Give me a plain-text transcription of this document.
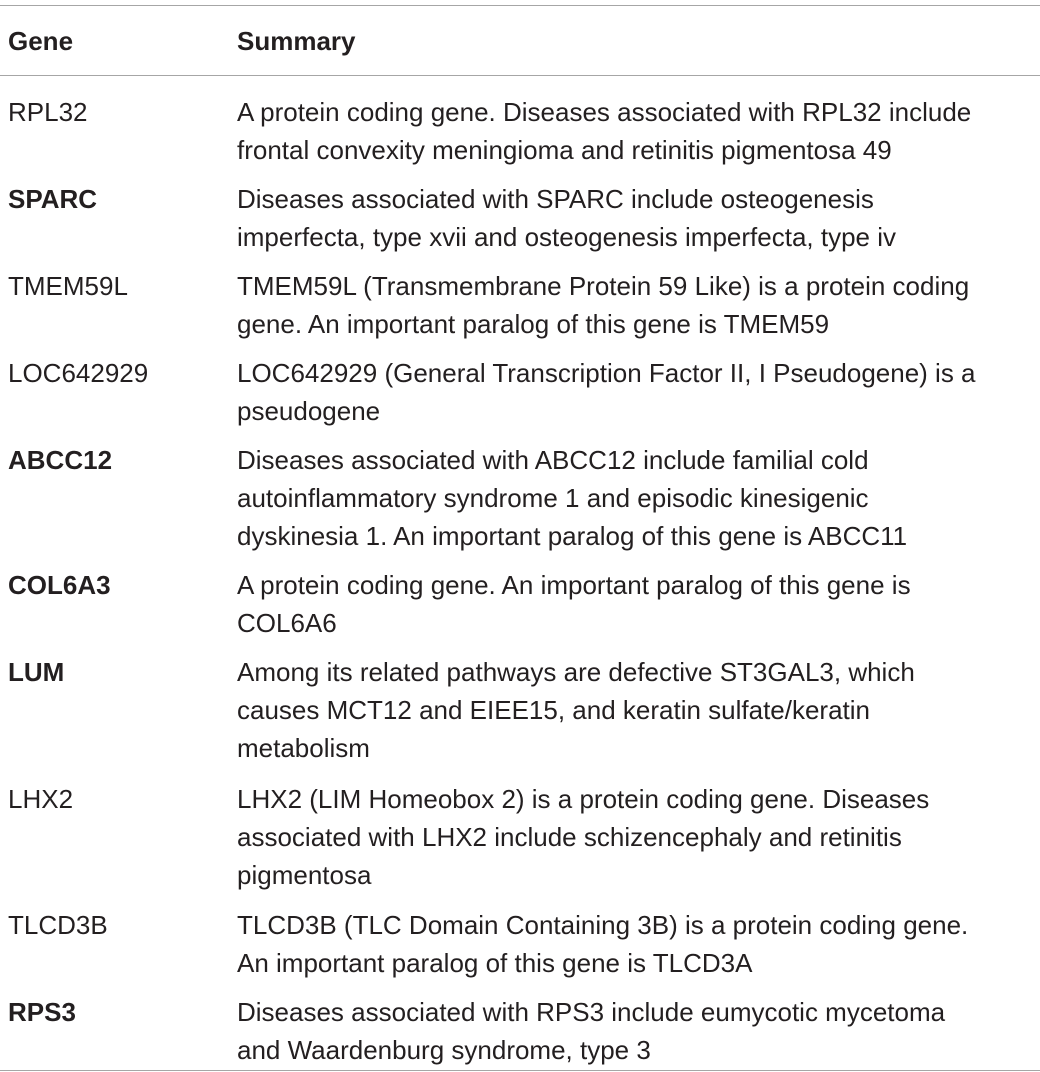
Gene	Summary
RPL32	A protein coding gene. Diseases associated with RPL32 include
frontal convexity meningioma and retinitis pigmentosa 49
SPARC	Diseases associated with SPARC include osteogenesis
imperfecta, type xvii and osteogenesis imperfecta, type iv
TMEM59L	TMEM59L (Transmembrane Protein 59 Like) is a protein coding
gene. An important paralog of this gene is TMEM59
LOC642929	LOC642929 (General Transcription Factor II, I Pseudogene) is a
pseudogene
ABCC12	Diseases associated with ABCC12 include familial cold
autoinflammatory syndrome 1 and episodic kinesigenic
dyskinesia 1. An important paralog of this gene is ABCC11
COL6A3	A protein coding gene. An important paralog of this gene is
COL6A6
LUM	Among its related pathways are defective ST3GAL3, which
causes MCT12 and EIEE15, and keratin sulfate/keratin
metabolism
LHX2	LHX2 (LIM Homeobox 2) is a protein coding gene. Diseases
associated with LHX2 include schizencephaly and retinitis
pigmentosa
TLCD3B	TLCD3B (TLC Domain Containing 3B) is a protein coding gene.
An important paralog of this gene is TLCD3A
RPS3	Diseases associated with RPS3 include eumycotic mycetoma
and Waardenburg syndrome, type 3
